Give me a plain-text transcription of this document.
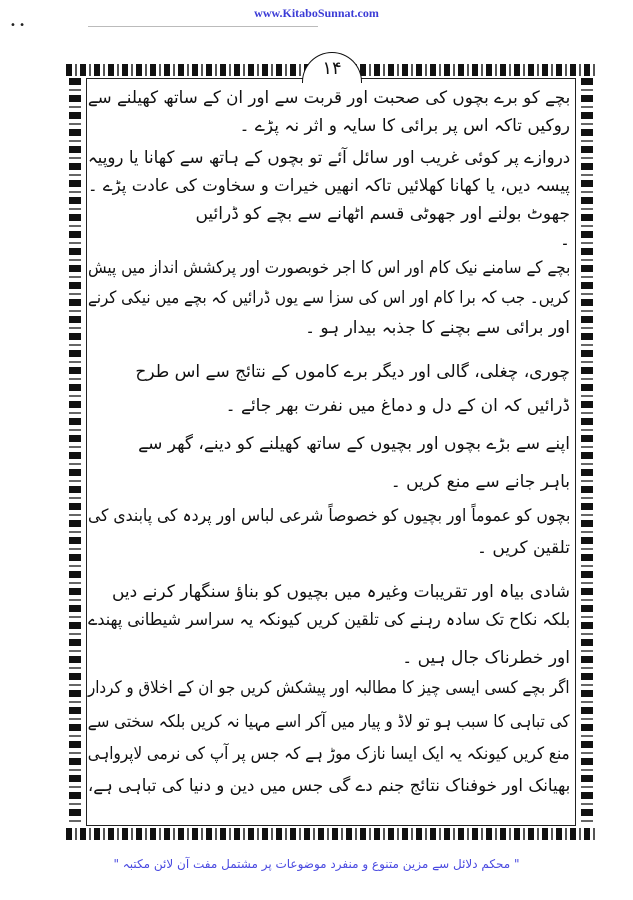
www.KitaboSunnat.com
• •
۱۴
بچے کو برے بچوں کی صحبت اور قربت سے اور ان کے ساتھ کھیلنے سے
روکیں تاکہ اس پر برائی کا سایہ و اثر نہ پڑے ۔
دروازے پر کوئی غریب اور سائل آئے تو بچوں کے ہاتھ سے کھانا یا روپیہ
پیسہ دیں، یا کھانا کھلائیں تاکہ انھیں خیرات و سخاوت کی عادت پڑے ۔
جھوٹ بولنے اور جھوٹی قسم اٹھانے سے بچے کو ڈرائیں
۔
بچے کے سامنے نیک کام اور اس کا اجر خوبصورت اور پرکشش انداز میں پیش
کریں۔ جب کہ برا کام اور اس کی سزا سے یوں ڈرائیں کہ بچے میں نیکی کرنے
اور برائی سے بچنے کا جذبہ بیدار ہو ۔
چوری، چغلی، گالی اور دیگر برے کاموں کے نتائج سے اس طرح
ڈرائیں کہ ان کے دل و دماغ میں نفرت بھر جائے ۔
اپنے سے بڑے بچوں اور بچیوں کے ساتھ کھیلنے کو دینے، گھر سے
باہر جانے سے منع کریں ۔
بچوں کو عموماً اور بچیوں کو خصوصاً شرعی لباس اور پردہ کی پابندی کی
تلقین کریں ۔
شادی بیاہ اور تقریبات وغیرہ میں بچیوں کو بناؤ سنگھار کرنے دیں
بلکہ نکاح تک سادہ رہنے کی تلقین کریں کیونکہ یہ سراسر شیطانی پھندے
اور خطرناک جال ہیں ۔
اگر بچے کسی ایسی چیز کا مطالبہ اور پیشکش کریں جو ان کے اخلاق و کردار
کی تباہی کا سبب ہو تو لاڈ و پیار میں آکر اسے مہیا نہ کریں بلکہ سختی سے
منع کریں کیونکہ یہ ایک ایسا نازک موڑ ہے کہ جس پر آپ کی نرمی لاپرواہی
بھیانک اور خوفناک نتائج جنم دے گی جس میں دین و دنیا کی تباہی ہے،
" محکم دلائل سے مزین متنوع و منفرد موضوعات پر مشتمل مفت آن لائن مکتبہ "
